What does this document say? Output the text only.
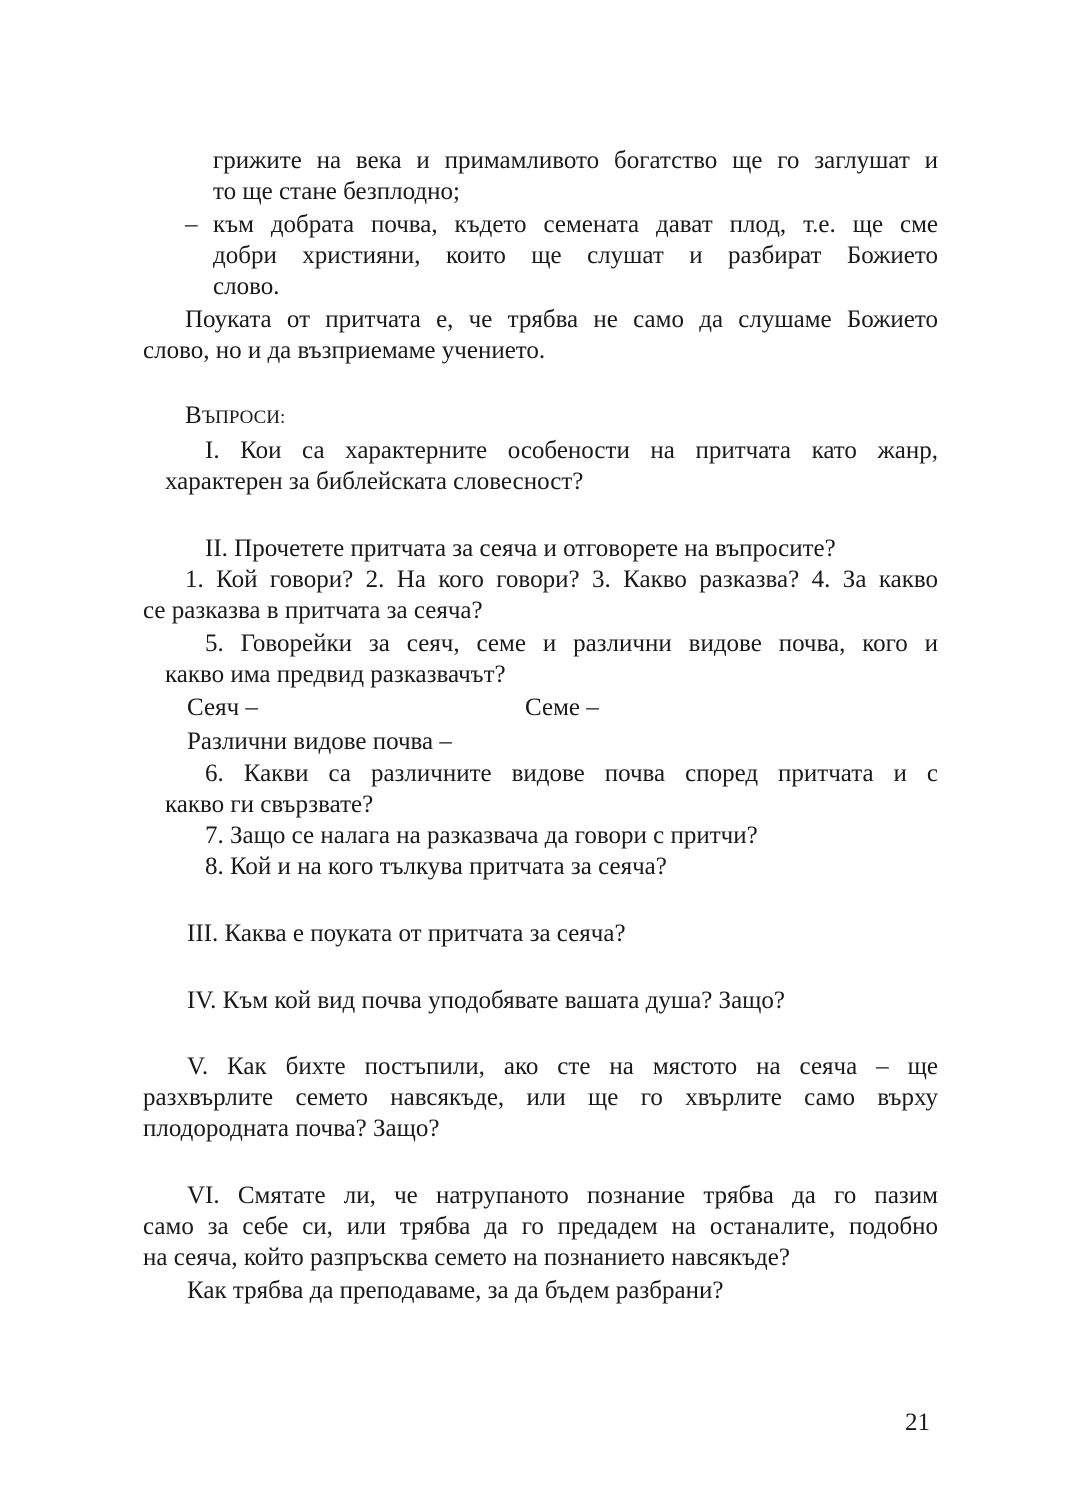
грижите на века и примамливото богатство ще го заглушат и
то ще стане безплодно;
– към добрата почва, където семената дават плод, т.е. ще сме
добри християни, които ще слушат и разбират Божието
слово.
Поуката от притчата е, че трябва не само да слушаме Божието
слово, но и да възприемаме учението.
ВЪПРОСИ:
I. Кои са характерните особености на притчата като жанр,
характерен за библейската словесност?
II. Прочетете притчата за сеяча и отговорете на въпросите?
1. Кой говори? 2. На кого говори? 3. Какво разказва? 4. За какво
се разказва в притчата за сеяча?
5. Говорейки за сеяч, семе и различни видове почва, кого и
какво има предвид разказвачът?
Сеяч –	Семе –
Различни видове почва –
6. Какви са различните видове почва според притчата и с
какво ги свързвате?
7. Защо се налага на разказвача да говори с притчи?
8. Кой и на кого тълкува притчата за сеяча?
III. Каква е поуката от притчата за сеяча?
IV. Към кой вид почва уподобявате вашата душа? Защо?
V. Как бихте постъпили, ако сте на мястото на сеяча – ще
разхвърлите семето навсякъде, или ще го хвърлите само върху
плодородната почва? Защо?
VI. Смятате ли, че натрупаното познание трябва да го пазим
само за себе си, или трябва да го предадем на останалите, подобно
на сеяча, който разпръсква семето на познанието навсякъде?
Как трябва да преподаваме, за да бъдем разбрани?
21
